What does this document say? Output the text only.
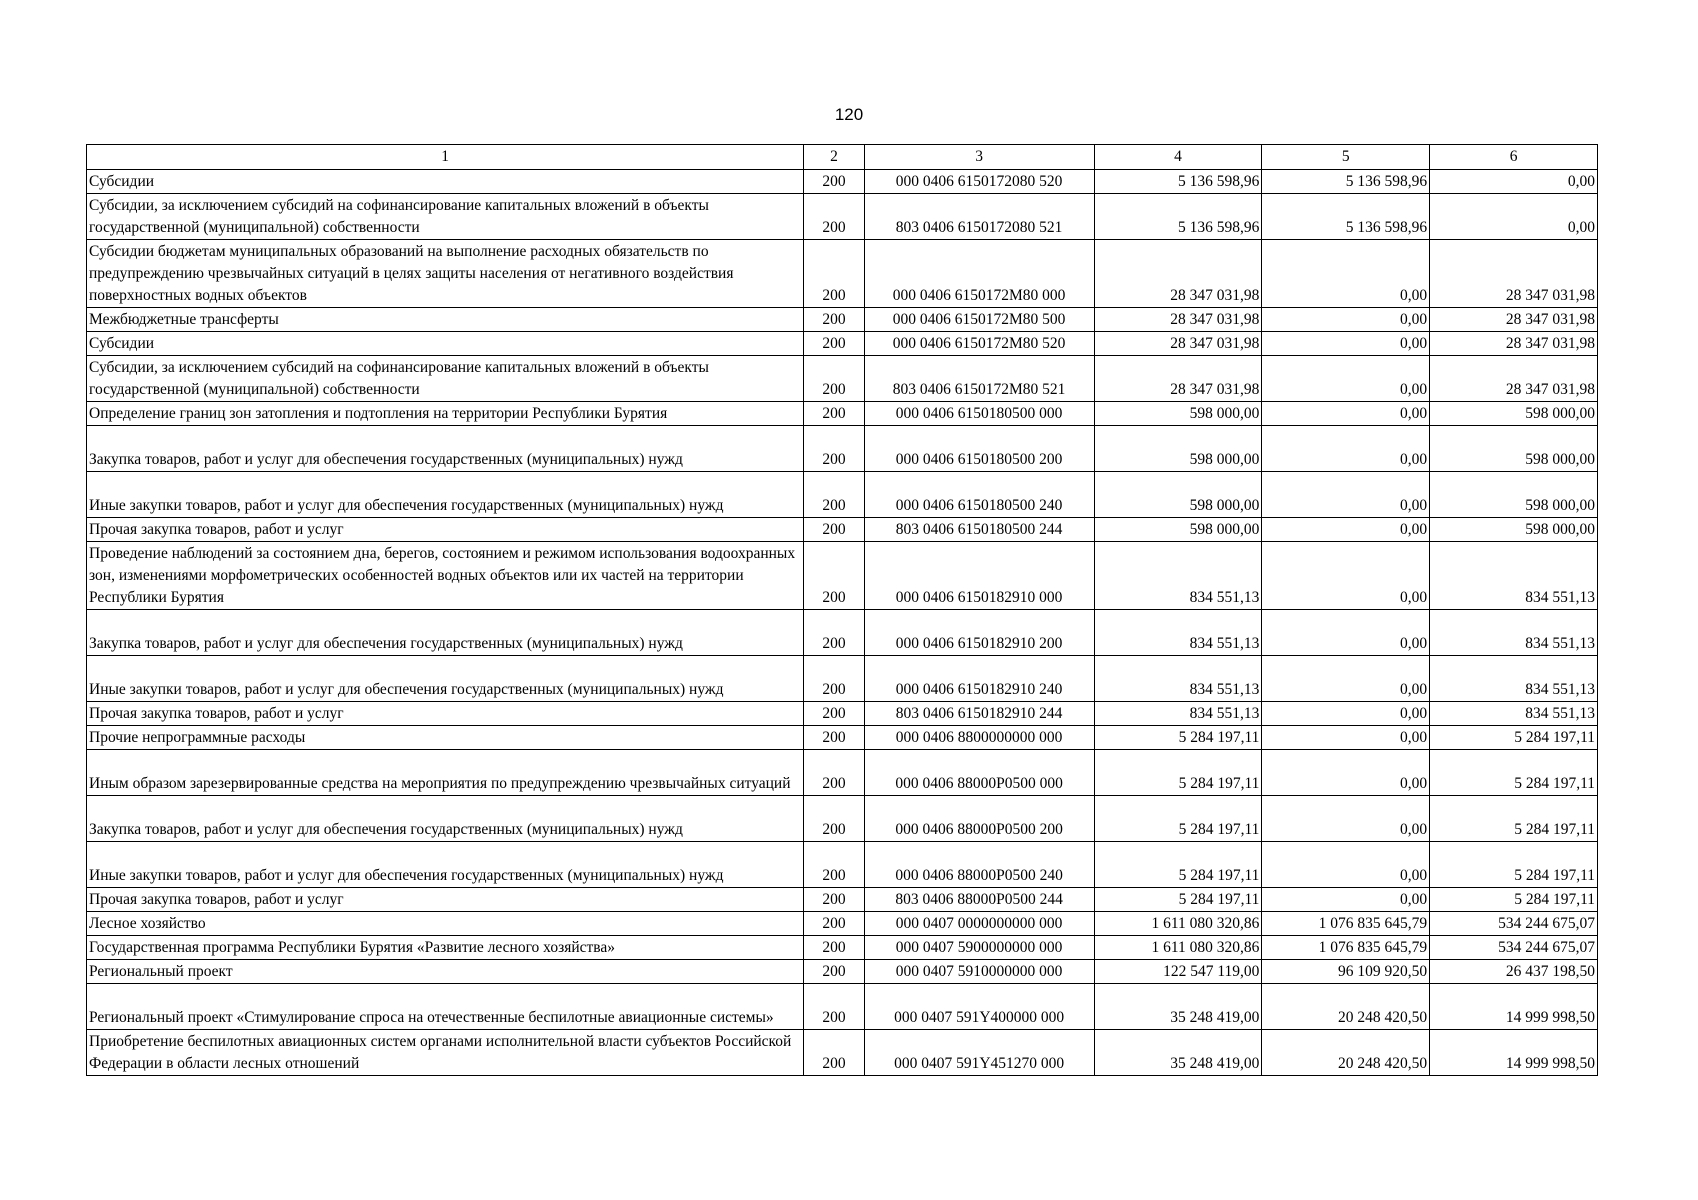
120
1	2	3	4	5	6
Субсидии	200	000 0406 6150172080 520	5 136 598,96	5 136 598,96	0,00
Субсидии, за исключением субсидий на софинансирование капитальных вложений в объекты государственной (муниципальной) собственности	200	803 0406 6150172080 521	5 136 598,96	5 136 598,96	0,00
Субсидии бюджетам муниципальных образований на выполнение расходных обязательств по предупреждению чрезвычайных ситуаций в целях защиты населения от негативного воздействия поверхностных водных объектов	200	000 0406 6150172M80 000	28 347 031,98	0,00	28 347 031,98
Межбюджетные трансферты	200	000 0406 6150172M80 500	28 347 031,98	0,00	28 347 031,98
Субсидии	200	000 0406 6150172M80 520	28 347 031,98	0,00	28 347 031,98
Субсидии, за исключением субсидий на софинансирование капитальных вложений в объекты государственной (муниципальной) собственности	200	803 0406 6150172M80 521	28 347 031,98	0,00	28 347 031,98
Определение границ зон затопления и подтопления на территории Республики Бурятия	200	000 0406 6150180500 000	598 000,00	0,00	598 000,00
Закупка товаров, работ и услуг для обеспечения государственных (муниципальных) нужд	200	000 0406 6150180500 200	598 000,00	0,00	598 000,00
Иные закупки товаров, работ и услуг для обеспечения государственных (муниципальных) нужд	200	000 0406 6150180500 240	598 000,00	0,00	598 000,00
Прочая закупка товаров, работ и услуг	200	803 0406 6150180500 244	598 000,00	0,00	598 000,00
Проведение наблюдений за состоянием дна, берегов, состоянием и режимом использования водоохранных зон, изменениями морфометрических особенностей водных объектов или их частей на территории Республики Бурятия	200	000 0406 6150182910 000	834 551,13	0,00	834 551,13
Закупка товаров, работ и услуг для обеспечения государственных (муниципальных) нужд	200	000 0406 6150182910 200	834 551,13	0,00	834 551,13
Иные закупки товаров, работ и услуг для обеспечения государственных (муниципальных) нужд	200	000 0406 6150182910 240	834 551,13	0,00	834 551,13
Прочая закупка товаров, работ и услуг	200	803 0406 6150182910 244	834 551,13	0,00	834 551,13
Прочие непрограммные расходы	200	000 0406 8800000000 000	5 284 197,11	0,00	5 284 197,11
Иным образом зарезервированные средства на мероприятия по предупреждению чрезвычайных ситуаций	200	000 0406 88000P0500 000	5 284 197,11	0,00	5 284 197,11
Закупка товаров, работ и услуг для обеспечения государственных (муниципальных) нужд	200	000 0406 88000P0500 200	5 284 197,11	0,00	5 284 197,11
Иные закупки товаров, работ и услуг для обеспечения государственных (муниципальных) нужд	200	000 0406 88000P0500 240	5 284 197,11	0,00	5 284 197,11
Прочая закупка товаров, работ и услуг	200	803 0406 88000P0500 244	5 284 197,11	0,00	5 284 197,11
Лесное хозяйство	200	000 0407 0000000000 000	1 611 080 320,86	1 076 835 645,79	534 244 675,07
Государственная программа Республики Бурятия «Развитие лесного хозяйства»	200	000 0407 5900000000 000	1 611 080 320,86	1 076 835 645,79	534 244 675,07
Региональный проект	200	000 0407 5910000000 000	122 547 119,00	96 109 920,50	26 437 198,50
Региональный проект «Стимулирование спроса на отечественные беспилотные авиационные системы»	200	000 0407 591Y400000 000	35 248 419,00	20 248 420,50	14 999 998,50
Приобретение беспилотных авиационных систем органами исполнительной власти субъектов Российской Федерации в области лесных отношений	200	000 0407 591Y451270 000	35 248 419,00	20 248 420,50	14 999 998,50
